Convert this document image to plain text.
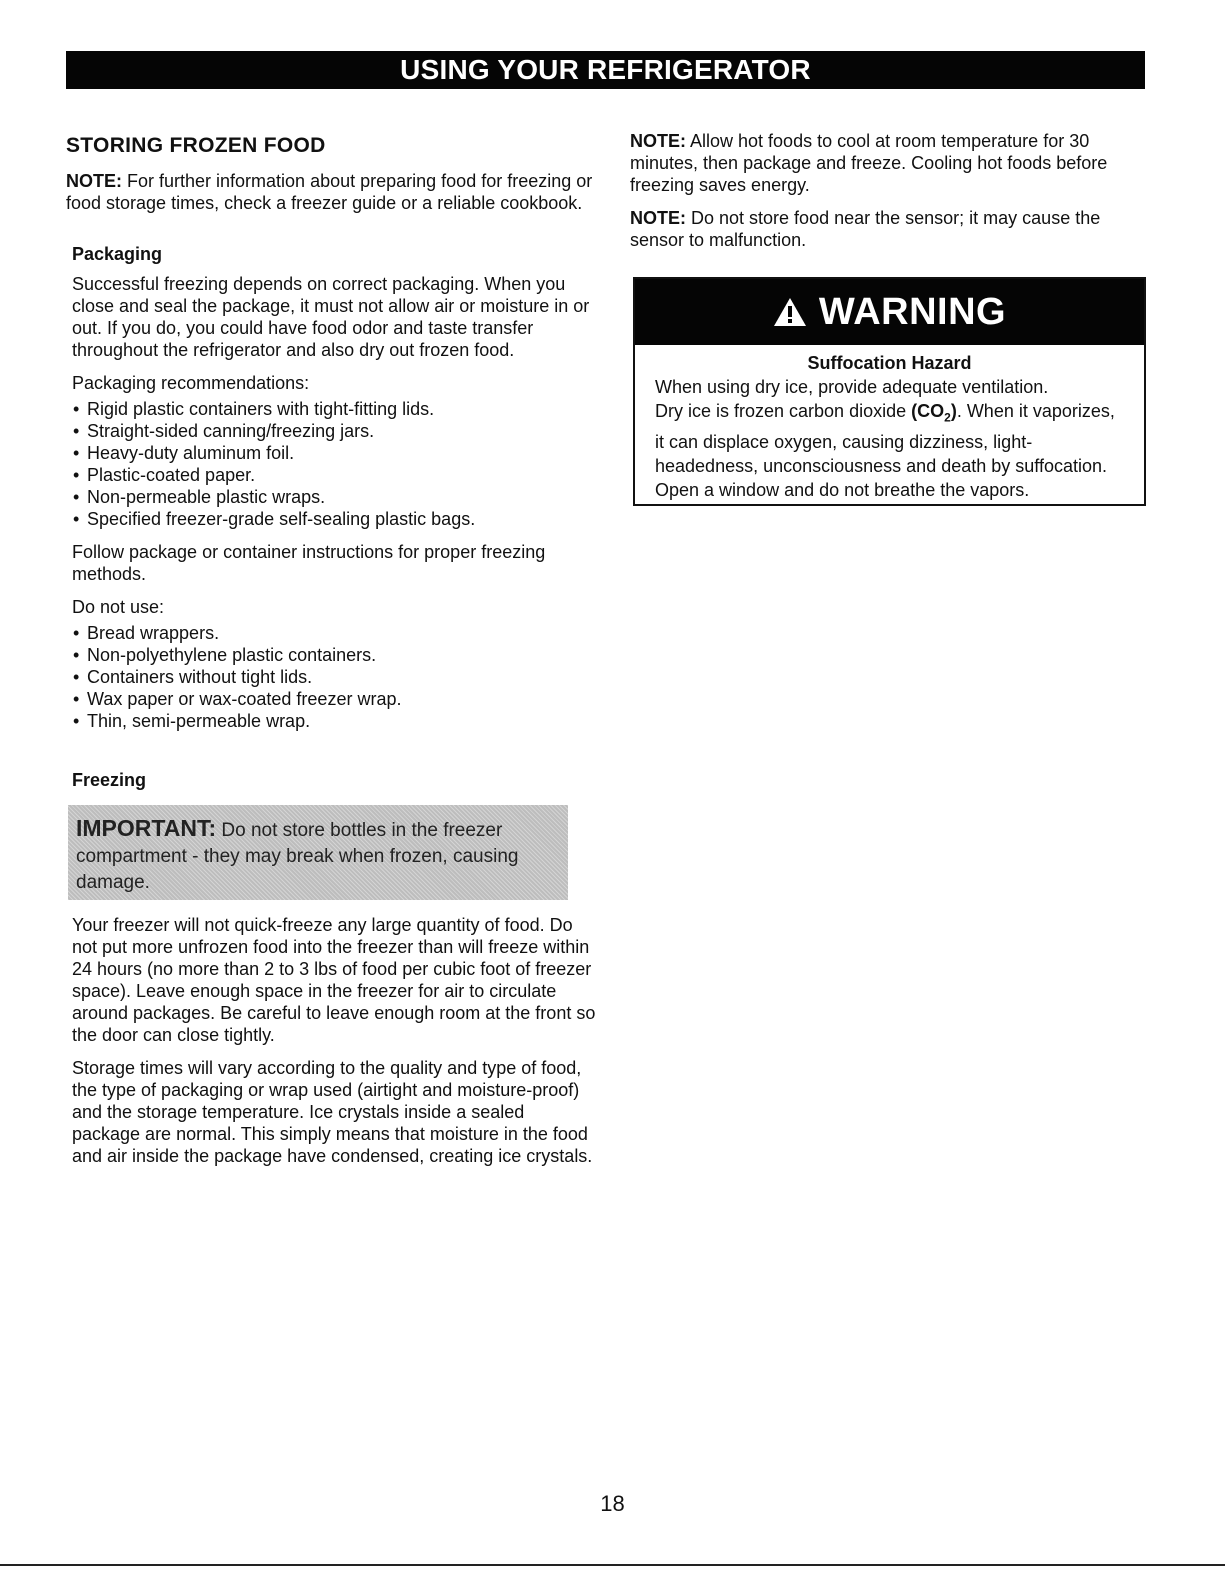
USING YOUR REFRIGERATOR
STORING FROZEN FOOD

NOTE: For further information about preparing food for freezing or food storage times, check a freezer guide or a reliable cookbook.

Packaging

Successful freezing depends on correct packaging. When you close and seal the package, it must not allow air or moisture in or out. If you do, you could have food odor and taste transfer throughout the refrigerator and also dry out frozen food.

Packaging recommendations:

• Rigid plastic containers with tight-fitting lids.
• Straight-sided canning/freezing jars.
• Heavy-duty aluminum foil.
• Plastic-coated paper.
• Non-permeable plastic wraps.
• Specified freezer-grade self-sealing plastic bags.

Follow package or container instructions for proper freezing methods.

Do not use:

• Bread wrappers.
• Non-polyethylene plastic containers.
• Containers without tight lids.
• Wax paper or wax-coated freezer wrap.
• Thin, semi-permeable wrap.
Freezing
IMPORTANT: Do not store bottles in the freezer compartment - they may break when frozen, causing damage.

Your freezer will not quick-freeze any large quantity of food. Do not put more unfrozen food into the freezer than will freeze within 24 hours (no more than 2 to 3 lbs of food per cubic foot of freezer space). Leave enough space in the freezer for air to circulate around packages. Be careful to leave enough room at the front so the door can close tightly.

Storage times will vary according to the quality and type of food, the type of packaging or wrap used (airtight and moisture-proof) and the storage temperature. Ice crystals inside a sealed package are normal. This simply means that moisture in the food and air inside the package have condensed, creating ice crystals.

NOTE: Allow hot foods to cool at room temperature for 30 minutes, then package and freeze. Cooling hot foods before freezing saves energy.

NOTE: Do not store food near the sensor; it may cause the sensor to malfunction.

WARNING
Suffocation Hazard
When using dry ice, provide adequate ventilation.
Dry ice is frozen carbon dioxide $(CO_2)$. When it vaporizes, it can displace oxygen, causing dizziness, light-headedness, unconsciousness and death by suffocation. Open a window and do not breathe the vapors.
18
